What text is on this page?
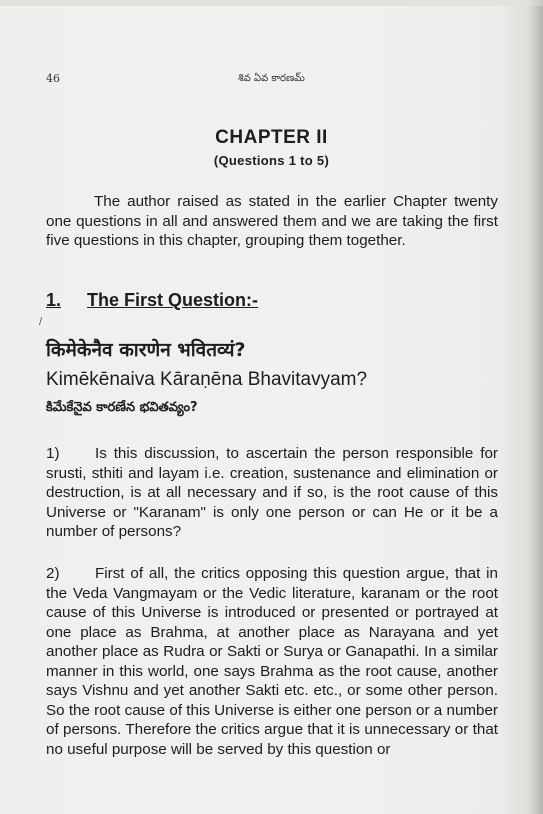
46	శివ ఏవ కారణమ్
CHAPTER II
(Questions 1 to 5)
The author raised as stated in the earlier Chapter twenty one questions in all and answered them and we are taking the first five questions in this chapter, grouping them together.
1. The First Question:-
/
किमेकेनैव कारणेन भवितव्यं?
Kimēkēnaiva Kāraṇēna Bhavitavyam?
కిమేకేనైవ కారణేన భవితవ్యం?
1) Is this discussion, to ascertain the person responsible for srusti, sthiti and layam i.e. creation, sustenance and elimination or destruction, is at all necessary and if so, is the root cause of this Universe or "Karanam" is only one person or can He or it be a number of persons?
2) First of all, the critics opposing this question argue, that in the Veda Vangmayam or the Vedic literature, karanam or the root cause of this Universe is introduced or presented or portrayed at one place as Brahma, at another place as Narayana and yet another place as Rudra or Sakti or Surya or Ganapathi. In a similar manner in this world, one says Brahma as the root cause, another says Vishnu and yet another Sakti etc. etc., or some other person. So the root cause of this Universe is either one person or a number of persons. Therefore the critics argue that it is unnecessary or that no useful purpose will be served by this question or
